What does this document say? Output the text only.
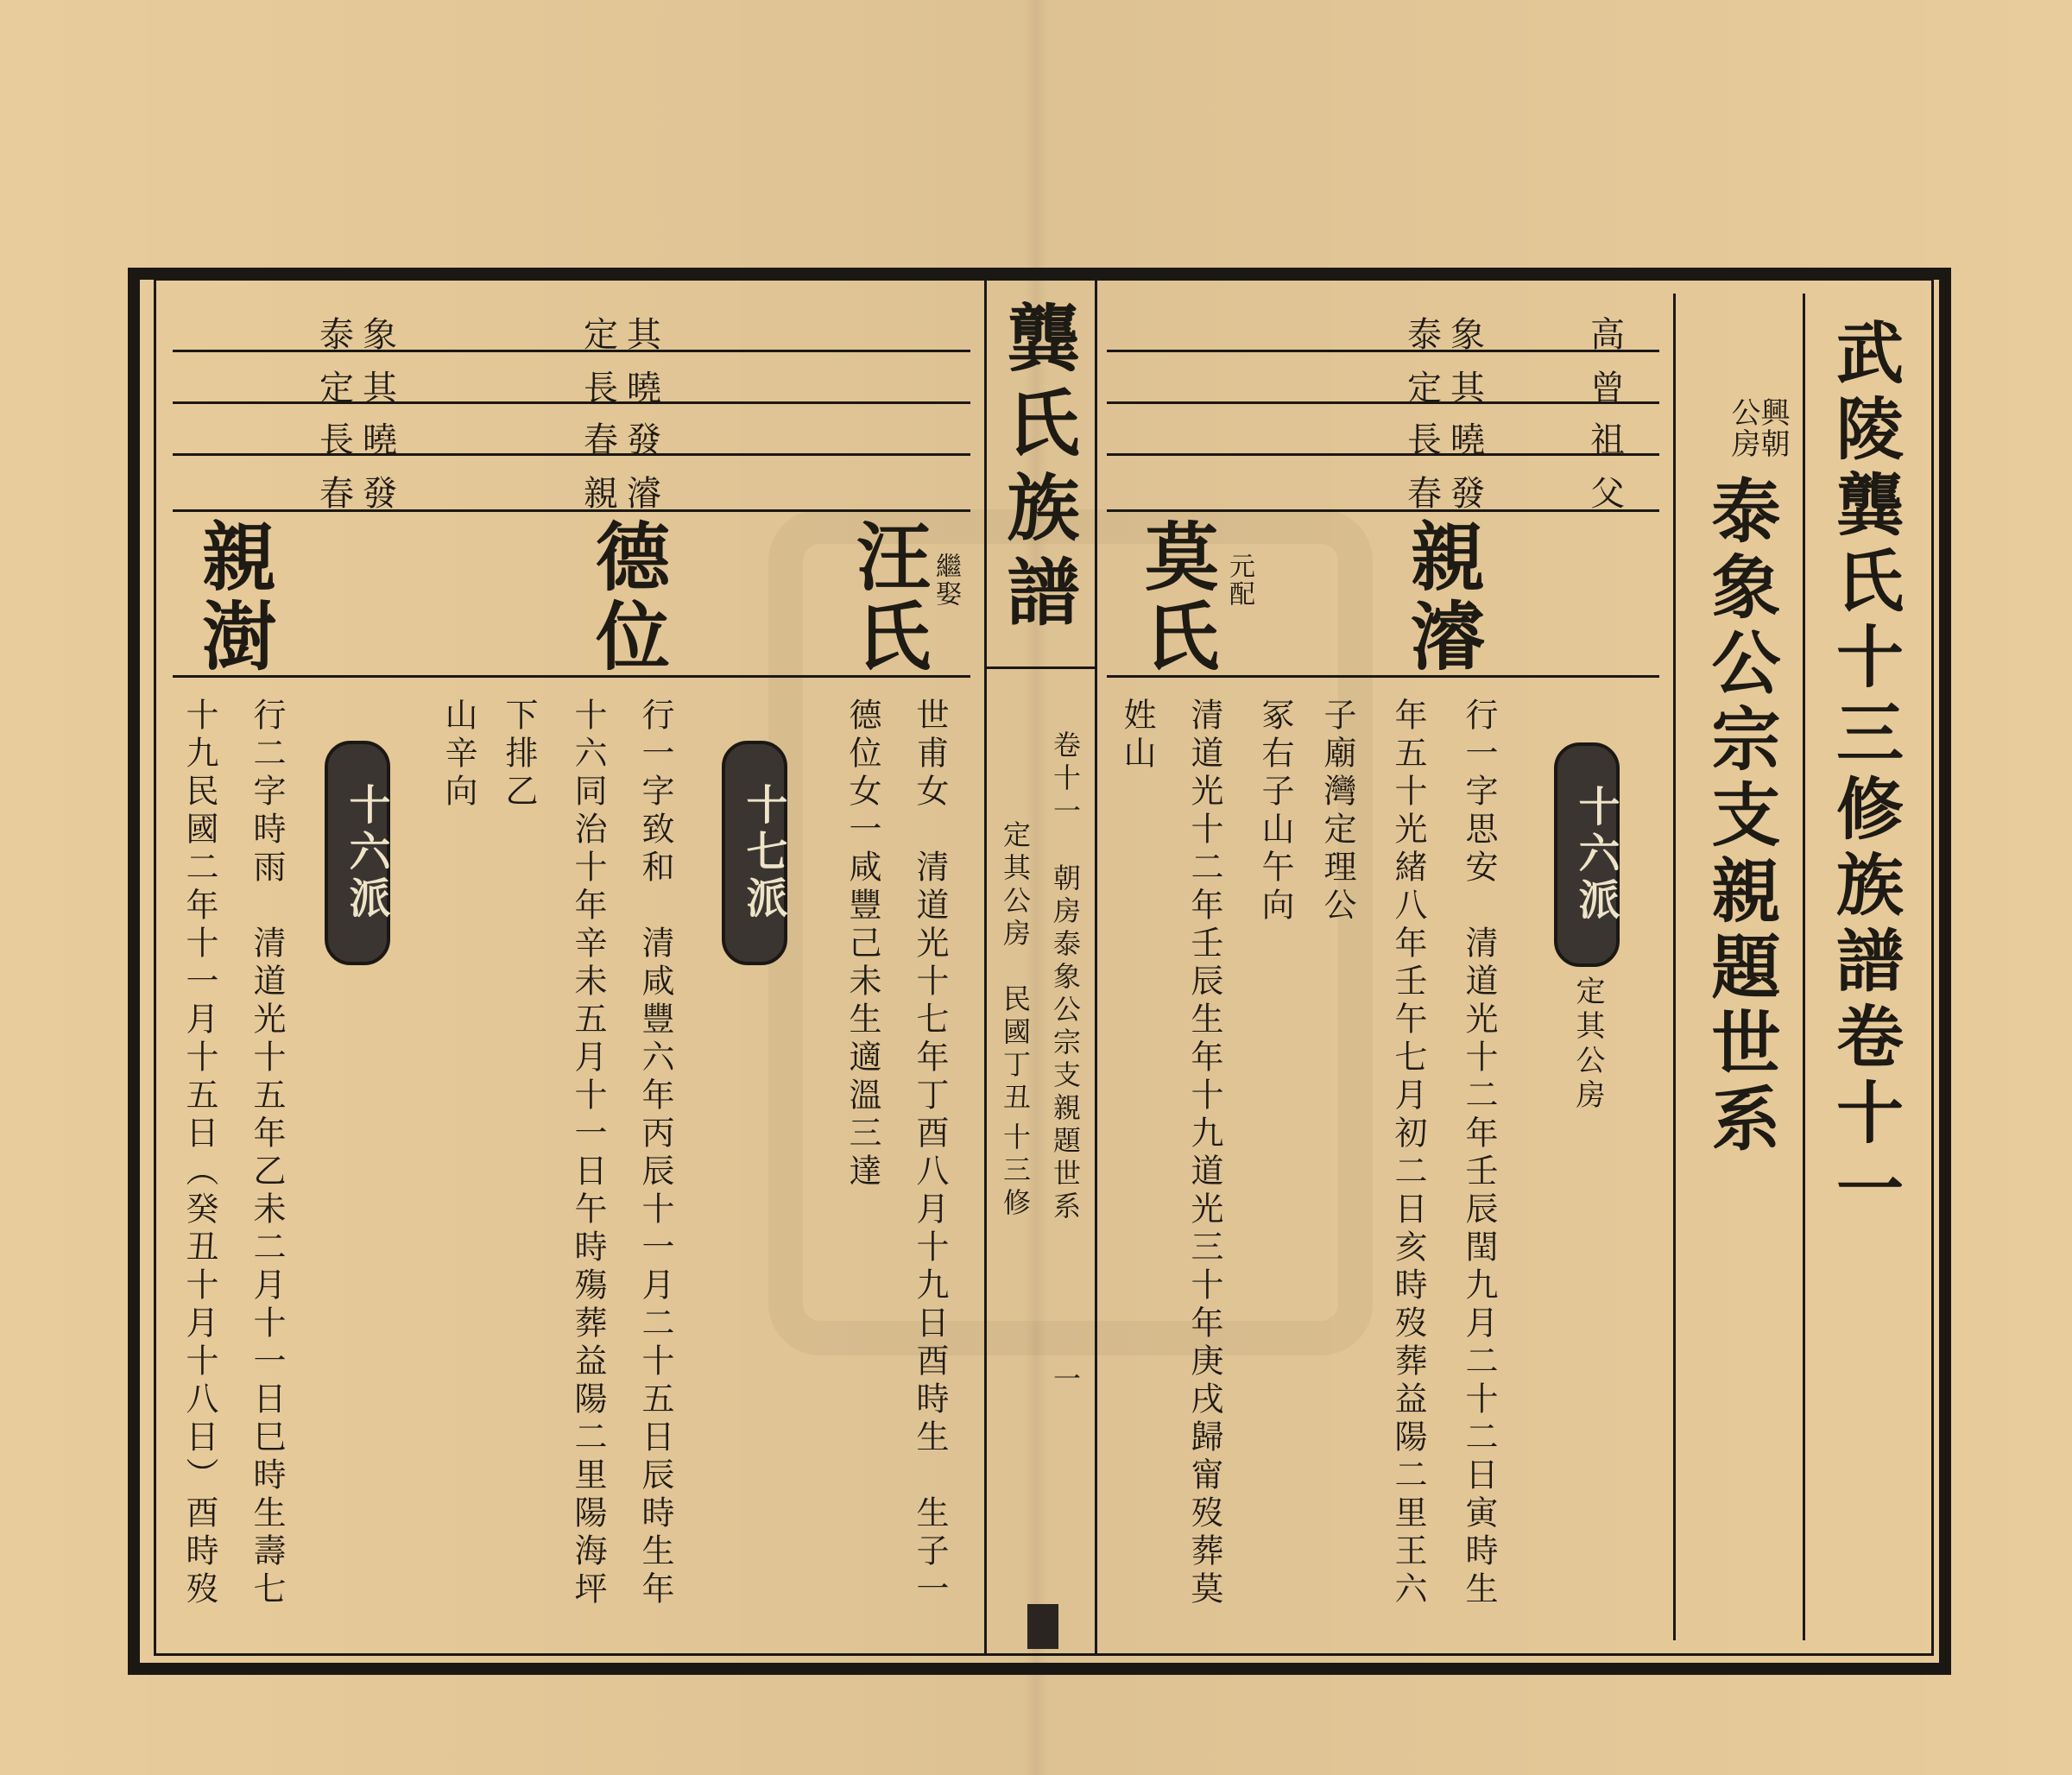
武陵龔氏十三修族譜卷十一
興朝公房
泰象公宗支親題世系
高
曾
祖
父
泰象
定其
長曉
春發
親濬
十六派
定其公房
行一字思安　清道光十二年壬辰閏九月二十二日寅時生
年五十光緒八年壬午七月初二日亥時歿葬益陽二里王六
子廟灣定理公
冢右子山午向
元配
莫氏
清道光十二年壬辰生年十九道光三十年庚戌歸甯歿葬莫
姓山
龔氏族譜
卷十一
朝房泰象公宗支親題世系
定其公房
民國丁丑
十三修
一
定其
長曉
春發
親濬
泰象
定其
長曉
春發
繼娶
汪氏
世甫女　清道光十七年丁酉八月十九日酉時生　生子一
德位女一咸豐己未生適溫三達
德位
十七派
行一字致和　清咸豐六年丙辰十一月二十五日辰時生年
十六同治十年辛未五月十一日午時殤葬益陽二里陽海坪
下排乙
山辛向
親澍
十六派
行二字時雨　清道光十五年乙未二月十一日巳時生壽七
十九民國二年十一月十五日（癸丑十月十八日）酉時歿
